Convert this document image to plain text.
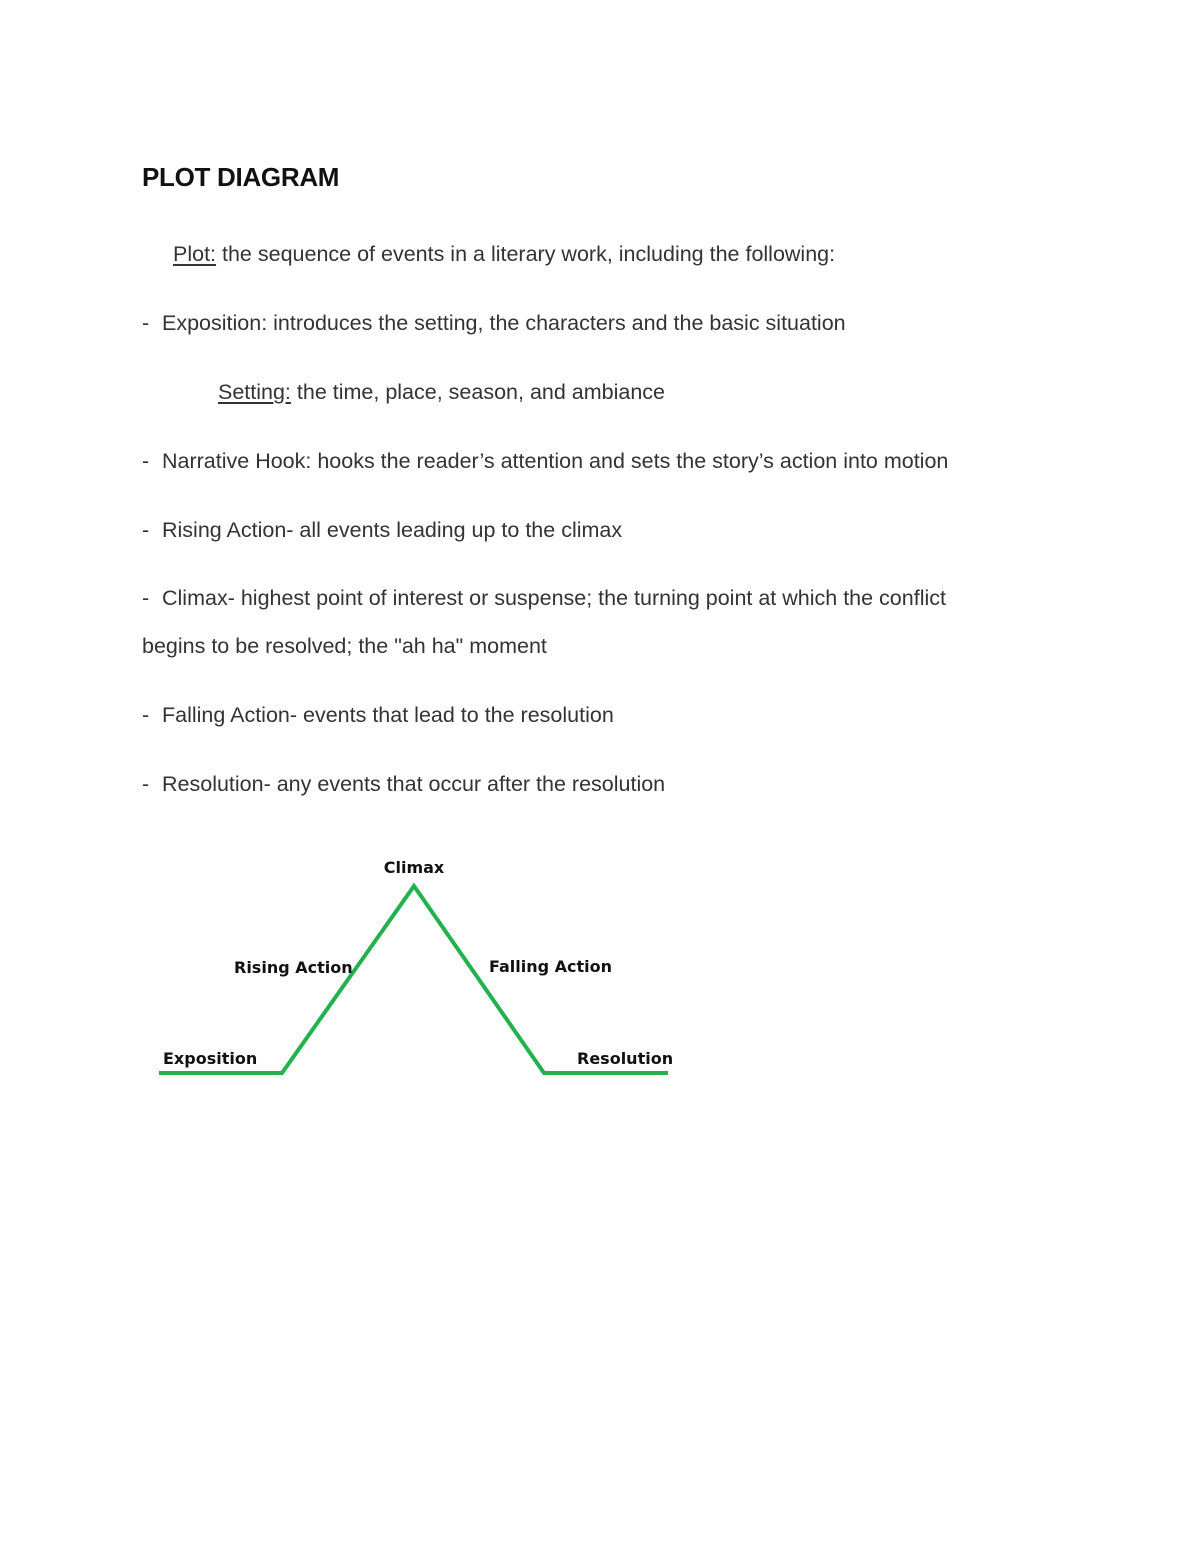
PLOT DIAGRAM
Plot: the sequence of events in a literary work, including the following:
- Exposition: introduces the setting, the characters and the basic situation
Setting: the time, place, season, and ambiance
- Narrative Hook: hooks the reader’s attention and sets the story’s action into motion
- Rising Action- all events leading up to the climax
- Climax- highest point of interest or suspense; the turning point at which the conflict
begins to be resolved; the "ah ha" moment
- Falling Action- events that lead to the resolution
- Resolution- any events that occur after the resolution
Climax
Rising Action	Falling Action
Exposition	Resolution
